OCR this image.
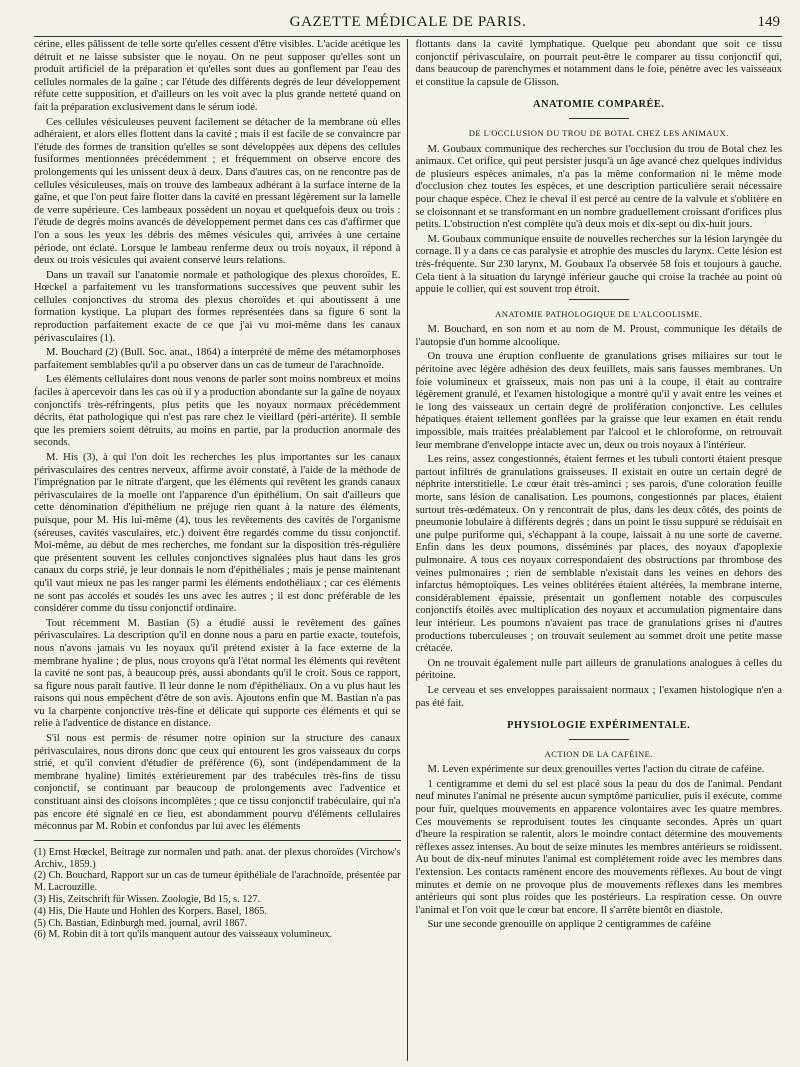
GAZETTE MÉDICALE DE PARIS.	149

cérine, elles pâlissent de telle sorte qu'elles cessent d'être visibles. L'acide acétique les détruit et ne laisse subsister que le noyau. On ne peut supposer qu'elles sont un produit artificiel de la préparation et qu'elles sont dues au gonflement par l'eau des cellules normales de la gaîne ; car l'étude des différents degrés de leur développement réfute cette supposition, et d'ailleurs on les voit avec la plus grande netteté quand on fait la préparation exclusivement dans le sérum iodé.

Ces cellules vésiculeuses peuvent facilement se détacher de la membrane où elles adhéraient, et alors elles flottent dans la cavité ; mais il est facile de se convaincre par l'étude des formes de transition qu'elles se sont développées aux dépens des cellules fusiformes mentionnées précédemment ; et fréquemment on observe encore des prolongements qui les unissent deux à deux. Dans d'autres cas, on ne rencontre pas de cellules vésiculeuses, mais on trouve des lambeaux adhérant à la surface interne de la gaîne, et que l'on peut faire flotter dans la cavité en pressant légèrement sur la lamelle de verre supérieure. Ces lambeaux possèdent un noyau et quelquefois deux ou trois : l'étude de degrés moins avancés de développement permet dans ces cas d'affirmer que l'on a sous les yeux les débris des mêmes vésicules qui, arrivées à une certaine période, ont éclaté. Lorsque le lambeau renferme deux ou trois noyaux, il répond à deux ou trois vésicules qui avaient conservé leurs relations.

Dans un travail sur l'anatomie normale et pathologique des plexus choroïdes, E. Hœckel a parfaitement vu les transformations successives que peuvent subir les cellules conjonctives du stroma des plexus choroïdes et qui aboutissent à une formation kystique. La plupart des formes représentées dans sa figure 6 sont la reproduction parfaitement exacte de ce que j'ai vu moi-même dans les canaux périvasculaires (1).

M. Bouchard (2) (Bull. Soc. anat., 1864) a interprété de même des métamorphoses parfaitement semblables qu'il a pu observer dans un cas de tumeur de l'arachnoïde.

Les éléments cellulaires dont nous venons de parler sont moins nombreux et moins faciles à apercevoir dans les cas où il y a production abondante sur la gaîne de noyaux conjonctifs très-réfringents, plus petits que les noyaux normaux précédemment décrits, état pathologique qui n'est pas rare chez le vieillard (péri-artérite). Il semble que les premiers soient détruits, au moins en partie, par la production anormale des seconds.

M. His (3), à qui l'on doit les recherches les plus importantes sur les canaux périvasculaires des centres nerveux, affirme avoir constaté, à l'aide de la méthode de l'imprégnation par le nitrate d'argent, que les éléments qui revêtent les grands canaux périvasculaires de la moelle ont l'apparence d'un épithélium. On sait d'ailleurs que cette dénomination d'épithélium ne préjuge rien quant à la nature des éléments, puisque, pour M. His lui-même (4), tous les revêtements des cavités de l'organisme (séreuses, cavités vasculaires, etc.) doivent être regardés comme du tissu conjonctif. Moi-même, au début de mes recherches, me fondant sur la disposition très-régulière que présentent souvent les cellules conjonctives signalées plus haut dans les gros canaux du corps strié, je leur donnais le nom d'épithéliales ; mais je pense maintenant qu'il vaut mieux ne pas les ranger parmi les éléments endothéliaux ; car ces éléments ne sont pas accolés et soudés les uns avec les autres ; il est donc préférable de les considérer comme du tissu conjonctif ordinaire.

Tout récemment M. Bastian (5) a étudié aussi le revêtement des gaînes périvasculaires. La description qu'il en donne nous a paru en partie exacte, toutefois, nous n'avons jamais vu les noyaux qu'il prétend exister à la face externe de la membrane hyaline ; de plus, nous croyons qu'à l'état normal les éléments qui revêtent la cavité ne sont pas, à beaucoup près, aussi abondants qu'il le croit. Sous ce rapport, sa figure nous paraît fautive. Il leur donne le nom d'épithéliaux. On a vu plus haut les raisons qui nous empêchent d'être de son avis. Ajoutons enfin que M. Bastian n'a pas vu la charpente conjonctive très-fine et délicate qui supporte ces éléments et qui se relie à l'adventice de distance en distance.

S'il nous est permis de résumer notre opinion sur la structure des canaux périvasculaires, nous dirons donc que ceux qui entourent les gros vaisseaux du corps strié, et qu'il convient d'étudier de préférence (6), sont (indépendamment de la membrane hyaline) limités extérieurement par des trabécules très-fins de tissu conjonctif, se continuant par beaucoup de prolongements avec l'adventice et constituant ainsi des cloisons incomplètes ; que ce tissu conjonctif trabéculaire, qui n'a pas encore été signalé en ce lieu, est abondamment pourvu d'éléments cellulaires méconnus par M. Robin et confondus par lui avec les éléments

(1) Ernst Hœckel, Beitrage zur normalen und path. anat. der plexus choroïdes (Virchow's Archiv., 1859.)
(2) Ch. Bouchard, Rapport sur un cas de tumeur épithéliale de l'arachnoïde, présentée par M. Lacrouzille.
(3) His, Zeitschrift für Wissen. Zoologie, Bd 15, s. 127.
(4) His, Die Haute und Hohlen des Korpers. Basel, 1865.
(5) Ch. Bastian, Edinburgh med. journal, avril 1867.
(6) M. Robin dit à tort qu'ils manquent autour des vaisseaux volumineux.

flottants dans la cavité lymphatique. Quelque peu abondant que soit ce tissu conjonctif périvasculaire, on pourrait peut-être le comparer au tissu conjonctif qui, dans beaucoup de parenchymes et notamment dans le foie, pénètre avec les vaisseaux et constitue la capsule de Glisson.

ANATOMIE COMPARÉE.
DE L'OCCLUSION DU TROU DE BOTAL CHEZ LES ANIMAUX.

M. Goubaux communique des recherches sur l'occlusion du trou de Botal chez les animaux. Cet orifice, qui peut persister jusqu'à un âge avancé chez quelques individus de plusieurs espèces animales, n'a pas la même conformation ni le même mode d'occlusion chez toutes les espèces, et une description particulière serait nécessaire pour chaque espèce. Chez le cheval il est percé au centre de la valvule et s'oblitère en se cloisonnant et se transformant en un nombre graduellement croissant d'orifices plus petits. L'obstruction n'est complète qu'à deux mois et dix-sept ou dix-huit jours.

M. Goubaux communique ensuite de nouvelles recherches sur la lésion laryngée du cornage. Il y a dans ce cas paralysie et atrophie des muscles du larynx. Cette lésion est très-fréquente. Sur 230 larynx, M. Goubaux l'a observée 58 fois et toujours à gauche. Cela tient à la situation du laryngé inférieur gauche qui croise la trachée au point où appuie le collier, qui est souvent trop étroit.

ANATOMIE PATHOLOGIQUE DE L'ALCOOLISME.

M. Bouchard, en son nom et au nom de M. Proust, communique les détails de l'autopsie d'un homme alcoolique.

On trouva une éruption confluente de granulations grises miliaires sur tout le péritoine avec légère adhésion des deux feuillets, mais sans fausses membranes. Un foie volumineux et graisseux, mais non pas uni à la coupe, il était au contraire légèrement granulé, et l'examen histologique a montré qu'il y avait entre les veines et le long des vaisseaux un certain degré de prolifération conjonctive. Les cellules hépatiques étaient tellement gonflées par la graisse que leur examen en était rendu impossible, mais traitées préalablement par l'alcool et le chloroforme, on retrouvait leur membrane d'enveloppe intacte avec un, deux ou trois noyaux à l'intérieur.

Les reins, assez congestionnés, étaient fermes et les tubuli contorti étaient presque partout infiltrés de granulations graisseuses. Il existait en outre un certain degré de néphrite interstitielle. Le cœur était très-aminci ; ses parois, d'une coloration feuille morte, sans lésion de canalisation. Les poumons, congestionnés par places, étaient surtout très-œdémateux. On y rencontrait de plus, dans les deux côtés, des points de pneumonie lobulaire à différents degrés ; dans un point le tissu suppuré se réduisait en une pulpe puriforme qui, s'échappant à la coupe, laissait à nu une sorte de caverne. Enfin dans les deux poumons, disséminés par places, des noyaux d'apoplexie pulmonaire. A tous ces noyaux correspondaient des obstructions par thrombose des veines pulmonaires ; rien de semblable n'existait dans les veines en dehors des infarctus hémoptoïques. Les veines oblitérées étaient altérées, la membrane interne, considérablement épaissie, présentait un gonflement notable des corpuscules conjonctifs étoilés avec multiplication des noyaux et accumulation pigmentaire dans leur intérieur. Les poumons n'avaient pas trace de granulations grises ni d'autres productions tuberculeuses ; on trouvait seulement au sommet droit une petite masse crétacée.

On ne trouvait également nulle part ailleurs de granulations analogues à celles du péritoine.

Le cerveau et ses enveloppes paraissaient normaux ; l'examen histologique n'en a pas été fait.

PHYSIOLOGIE EXPÉRIMENTALE.
ACTION DE LA CAFÉINE.

M. Leven expérimente sur deux grenouilles vertes l'action du citrate de caféine.

1 centigramme et demi du sel est placé sous la peau du dos de l'animal. Pendant neuf minutes l'animal ne présente aucun symptôme particulier, puis il exécute, comme pour fuir, quelques mouvements en apparence volontaires avec les quatre membres. Ces mouvements se reproduisent toutes les cinquante secondes. Après un quart d'heure la respiration se ralentit, alors le moindre contact détermine des mouvements réflexes assez intenses. Au bout de seize minutes les membres antérieurs se roidissent. Au bout de dix-neuf minutes l'animal est complétement roide avec les membres dans l'extension. Les contacts ramènent encore des mouvements réflexes. Au bout de vingt minutes et demie on ne provoque plus de mouvements réflexes dans les membres antérieurs qui sont plus roides que les postérieurs. La respiration cesse. On ouvre l'animal et l'on voit que le cœur bat encore. Il s'arrête bientôt en diastole.

Sur une seconde grenouille on applique 2 centigrammes de caféine
